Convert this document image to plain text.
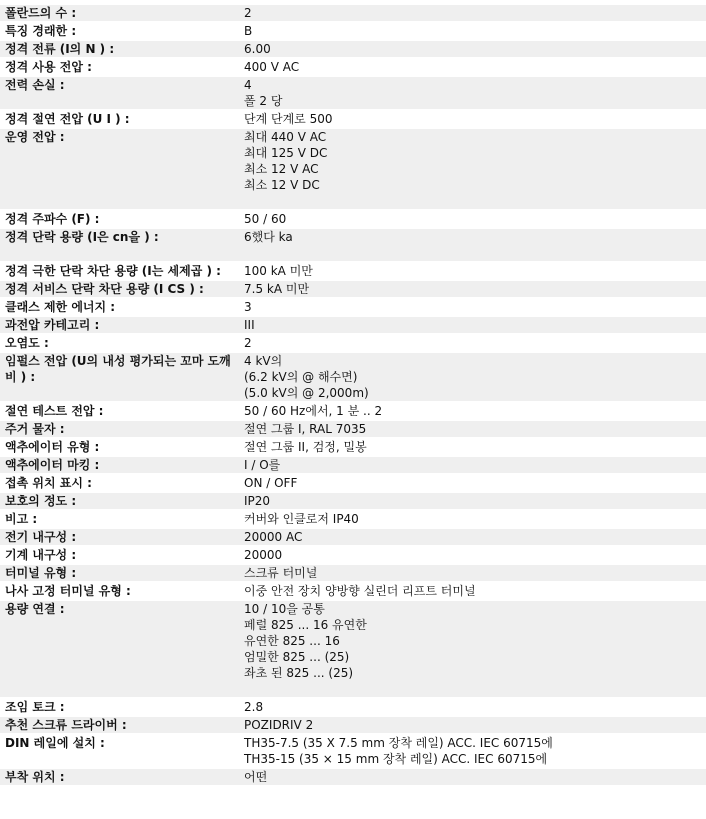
폴란드의 수 :	2

특징 경래한 :	B

정격 전류 (I의 N ) :	6.00

정격 사용 전압 :	400 V AC

전력 손실 :	4
폴 2 당

정격 절연 전압 (U I ) :	단계 단계로 500

운영 전압 :	최대 440 V AC
최대 125 V DC
최소 12 V AC
최소 12 V DC

정격 주파수 (F) :	50 / 60

정격 단락 용량 (I은 cn을 ) :	6했다 ka

정격 극한 단락 차단 용량 (I는 세제곱 ) :	100 kA 미만

정격 서비스 단락 차단 용량 (I CS ) :	7.5 kA 미만

클래스 제한 에너지 :	3

과전압 카테고리 :	III

오염도 :	2

임펄스 전압 (U의 내성 평가되는 꼬마 도깨비 ) :	4 kV의
(6.2 kV의 @ 해수면)
(5.0 kV의 @ 2,000m)

절연 테스트 전압 :	50 / 60 Hz에서, 1 분 .. 2

주거 물자 :	절연 그룹 I, RAL 7035

액추에이터 유형 :	절연 그룹 II, 검정, 밀봉

액추에이터 마킹 :	I / O를

접촉 위치 표시 :	ON / OFF

보호의 정도 :	IP20

비고 :	커버와 인클로저 IP40

전기 내구성 :	20000 AC

기계 내구성 :	20000

터미널 유형 :	스크류 터미널

나사 고정 터미널 유형 :	이중 안전 장치 양방향 실린더 리프트 터미널

용량 연결 :	10 / 10을 공통
페럴 825 ... 16 유연한
유연한 825 ... 16
엄밀한 825 ... (25)
좌초 된 825 ... (25)

조임 토크 :	2.8

추천 스크류 드라이버 :	POZIDRIV 2

DIN 레일에 설치 :	TH35-7.5 (35 X 7.5 mm 장착 레일) ACC. IEC 60715에
TH35-15 (35 × 15 mm 장착 레일) ACC. IEC 60715에

부착 위치 :	어떤
